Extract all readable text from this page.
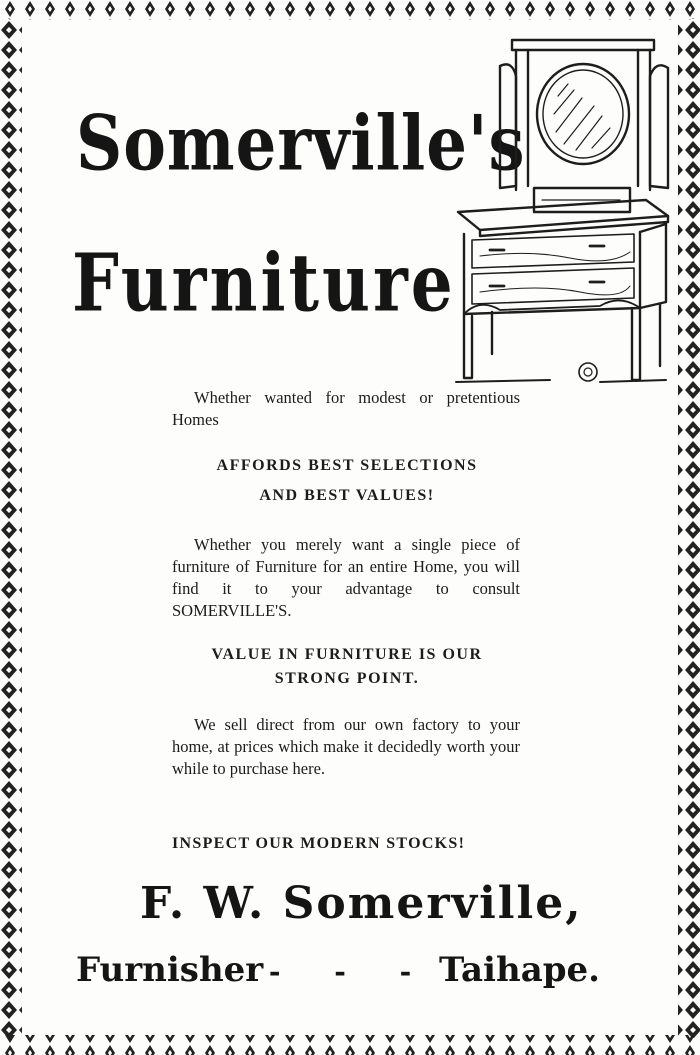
Somerville's
Furniture

Whether wanted for modest or pretentious Homes

AFFORDS BEST SELECTIONS
AND BEST VALUES!

Whether you merely want a single piece of furniture of Furniture for an entire Home, you will find it to your advantage to consult SOMERVILLE'S.

VALUE IN FURNITURE IS OUR
STRONG POINT.

We sell direct from our own factory to your home, at prices which make it decidedly worth your while to purchase here.

INSPECT OUR MODERN STOCKS!
F. W. Somerville,
Furnisher - - - Taihape.
